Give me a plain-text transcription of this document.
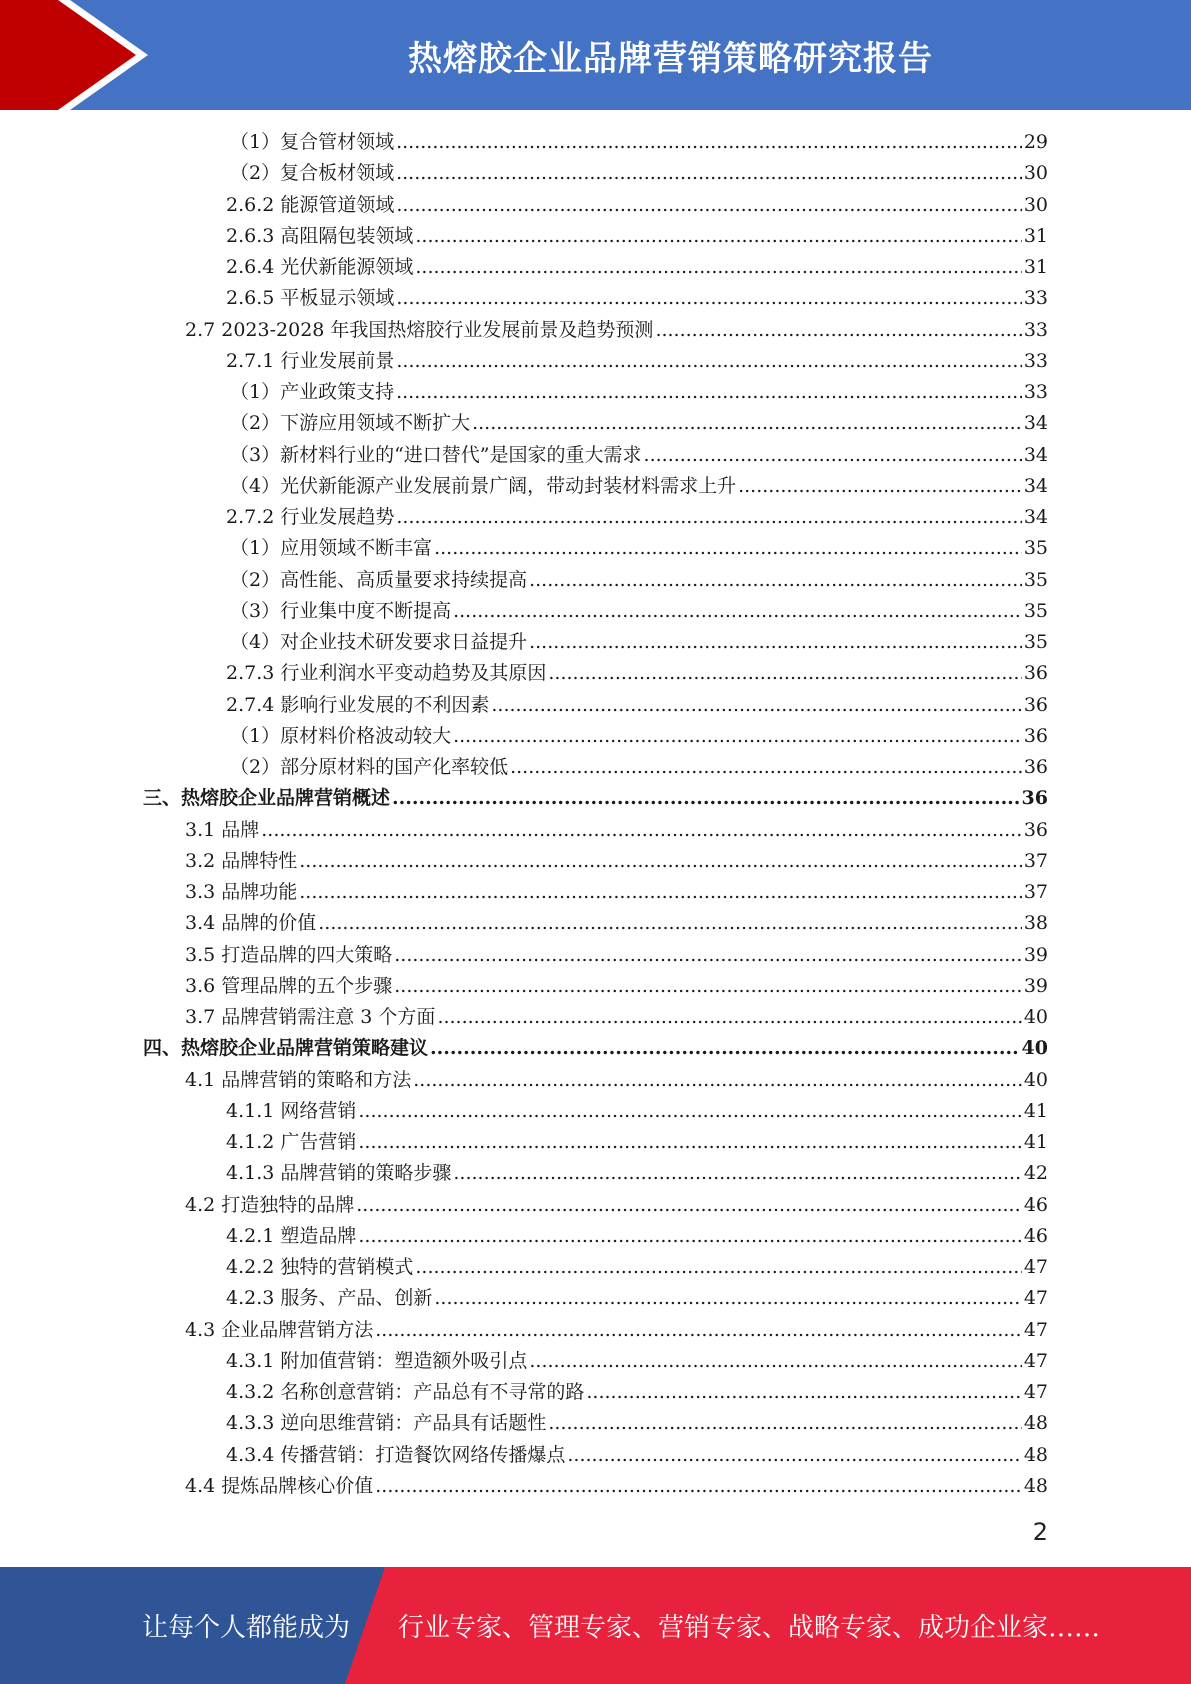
热熔胶企业品牌营销策略研究报告
（1）复合管材领域 .....	29
（2）复合板材领域 .....	30
2.6.2 能源管道领域 .....	30
2.6.3 高阻隔包装领域 .....	31
2.6.4 光伏新能源领域 .....	31
2.6.5 平板显示领域 .....	33
2.7 2023-2028 年我国热熔胶行业发展前景及趋势预测 .....	33
2.7.1 行业发展前景 .....	33
（1）产业政策支持 .....	33
（2）下游应用领域不断扩大 .....	34
（3）新材料行业的“进口替代”是国家的重大需求 .....	34
（4）光伏新能源产业发展前景广阔，带动封装材料需求上升 .....	34
2.7.2 行业发展趋势 .....	34
（1）应用领域不断丰富 .....	35
（2）高性能、高质量要求持续提高 .....	35
（3）行业集中度不断提高 .....	35
（4）对企业技术研发要求日益提升 .....	35
2.7.3 行业利润水平变动趋势及其原因 .....	36
2.7.4 影响行业发展的不利因素 .....	36
（1）原材料价格波动较大 .....	36
（2）部分原材料的国产化率较低 .....	36
三、热熔胶企业品牌营销概述 .....	36
3.1 品牌 .....	36
3.2 品牌特性 .....	37
3.3 品牌功能 .....	37
3.4 品牌的价值 .....	38
3.5 打造品牌的四大策略 .....	39
3.6 管理品牌的五个步骤 .....	39
3.7 品牌营销需注意 3 个方面 .....	40
四、热熔胶企业品牌营销策略建议 .....	40
4.1 品牌营销的策略和方法 .....	40
4.1.1 网络营销 .....	41
4.1.2 广告营销 .....	41
4.1.3 品牌营销的策略步骤 .....	42
4.2 打造独特的品牌 .....	46
4.2.1 塑造品牌 .....	46
4.2.2 独特的营销模式 .....	47
4.2.3 服务、产品、创新 .....	47
4.3 企业品牌营销方法 .....	47
4.3.1 附加值营销：塑造额外吸引点 .....	47
4.3.2 名称创意营销：产品总有不寻常的路 .....	47
4.3.3 逆向思维营销：产品具有话题性 .....	48
4.3.4 传播营销：打造餐饮网络传播爆点 .....	48
4.4 提炼品牌核心价值 .....	48
2
让每个人都能成为 行业专家、管理专家、营销专家、战略专家、成功企业家……
